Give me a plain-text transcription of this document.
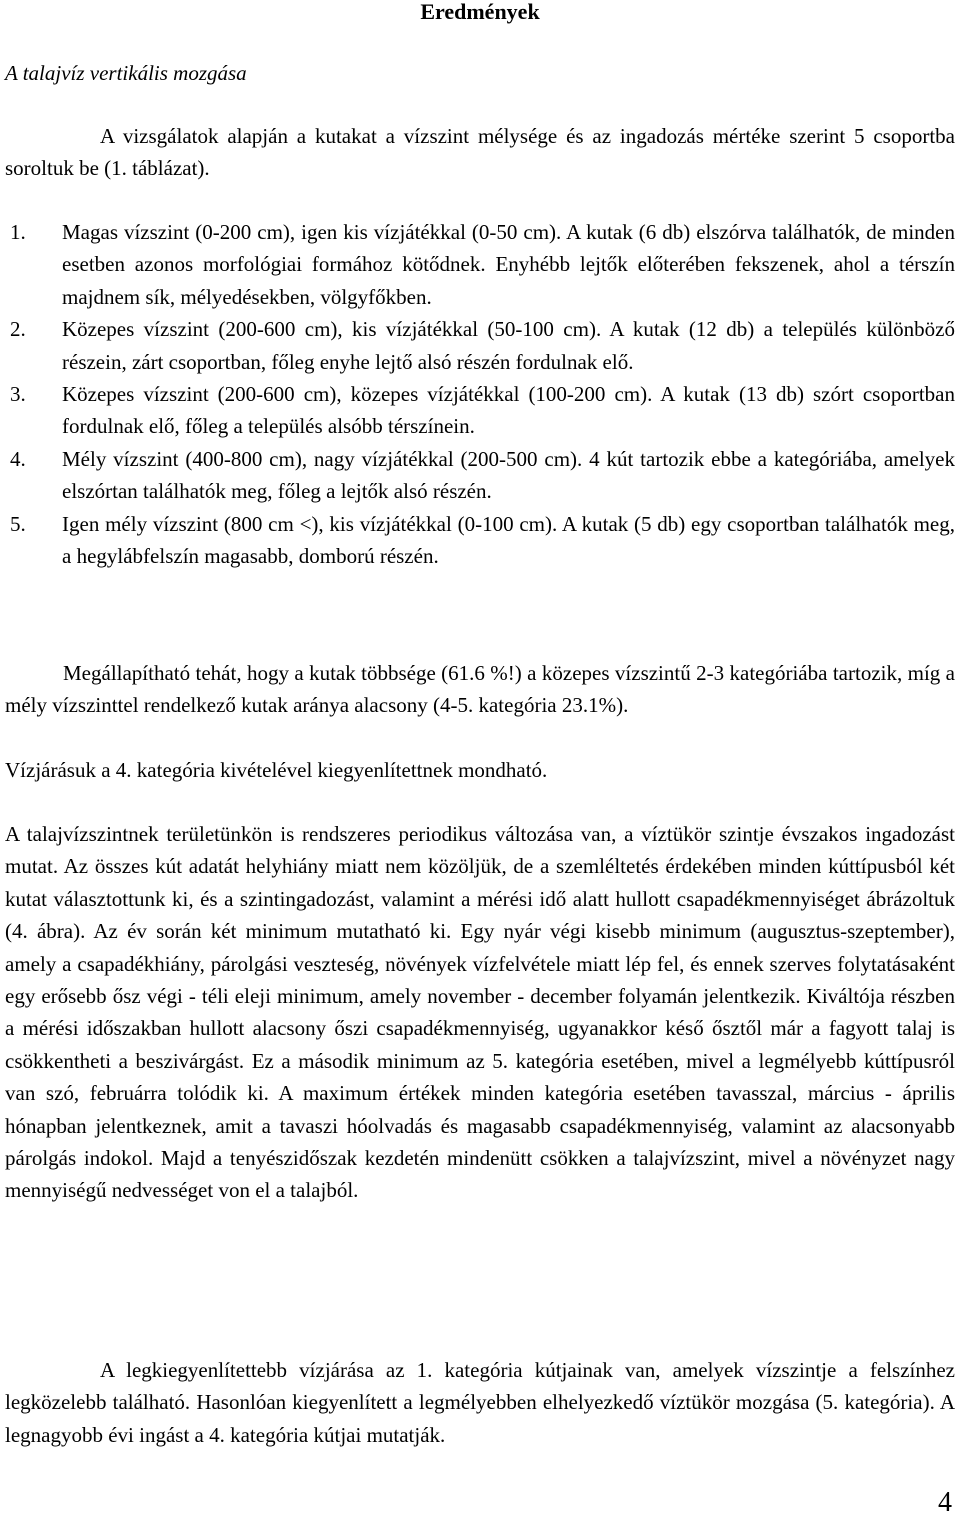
Eredmények
A talajvíz vertikális mozgása

A vizsgálatok alapján a kutakat a vízszint mélysége és az ingadozás mértéke szerint 5 csoportba soroltuk be (1. táblázat).

1. Magas vízszint (0-200 cm), igen kis vízjátékkal (0-50 cm). A kutak (6 db) elszórva találhatók, de minden esetben azonos morfológiai formához kötődnek. Enyhébb lejtők előterében fekszenek, ahol a térszín majdnem sík, mélyedésekben, völgyfőkben.
2. Közepes vízszint (200-600 cm), kis vízjátékkal (50-100 cm). A kutak (12 db) a település különböző részein, zárt csoportban, főleg enyhe lejtő alsó részén fordulnak elő.
3. Közepes vízszint (200-600 cm), közepes vízjátékkal (100-200 cm). A kutak (13 db) szórt csoportban fordulnak elő, főleg a település alsóbb térszínein.
4. Mély vízszint (400-800 cm), nagy vízjátékkal (200-500 cm). 4 kút tartozik ebbe a kategóriába, amelyek elszórtan találhatók meg, főleg a lejtők alsó részén.
5. Igen mély vízszint (800 cm <), kis vízjátékkal (0-100 cm). A kutak (5 db) egy csoportban találhatók meg, a hegylábfelszín magasabb, domború részén.

Megállapítható tehát, hogy a kutak többsége (61.6 %!) a közepes vízszintű 2-3 kategóriába tartozik, míg a mély vízszinttel rendelkező kutak aránya alacsony (4-5. kategória 23.1%).

Vízjárásuk a 4. kategória kivételével kiegyenlítettnek mondható.

A talajvízszintnek területünkön is rendszeres periodikus változása van, a víztükör szintje évszakos ingadozást mutat. Az összes kút adatát helyhiány miatt nem közöljük, de a szemléltetés érdekében minden kúttípusból két kutat választottunk ki, és a szintingadozást, valamint a mérési idő alatt hullott csapadékmennyiséget ábrázoltuk (4. ábra). Az év során két minimum mutatható ki. Egy nyár végi kisebb minimum (augusztus-szeptember), amely a csapadékhiány, párolgási veszteség, növények vízfelvétele miatt lép fel, és ennek szerves folytatásaként egy erősebb ősz végi - téli eleji minimum, amely november - december folyamán jelentkezik. Kiváltója részben a mérési időszakban hullott alacsony őszi csapadékmennyiség, ugyanakkor késő ősztől már a fagyott talaj is csökkentheti a beszivárgást. Ez a második minimum az 5. kategória esetében, mivel a legmélyebb kúttípusról van szó, februárra tolódik ki. A maximum értékek minden kategória esetében tavasszal, március - április hónapban jelentkeznek, amit a tavaszi hóolvadás és magasabb csapadékmennyiség, valamint az alacsonyabb párolgás indokol. Majd a tenyészidőszak kezdetén mindenütt csökken a talajvízszint, mivel a növényzet nagy mennyiségű nedvességet von el a talajból.

A legkiegyenlítettebb vízjárása az 1. kategória kútjainak van, amelyek vízszintje a felszínhez legközelebb található. Hasonlóan kiegyenlített a legmélyebben elhelyezkedő víztükör mozgása (5. kategória). A legnagyobb évi ingást a 4. kategória kútjai mutatják.

4
